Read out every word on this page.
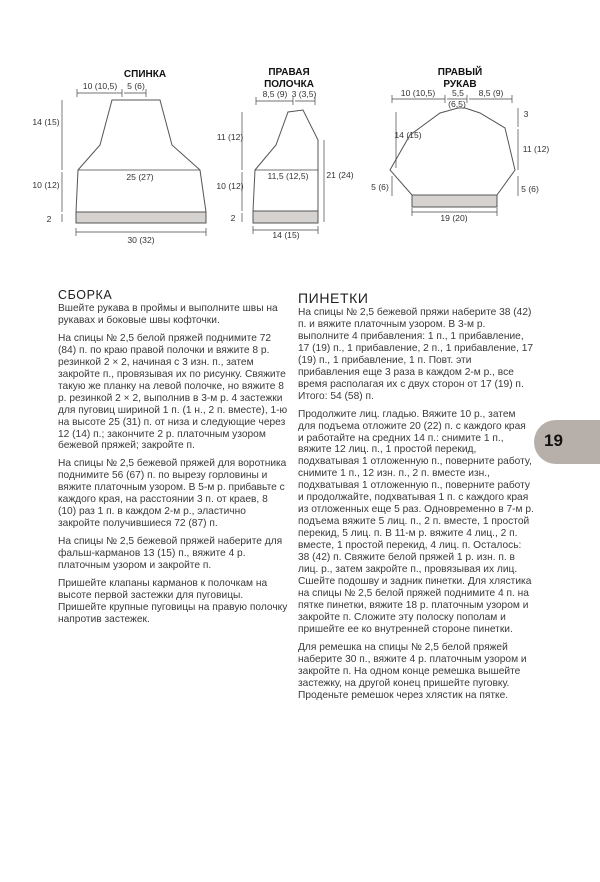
СПИНКА
10 (10,5) 5 (6)
14 (15)
10 (12)
2
25 (27)
30 (32)
ПРАВАЯ
ПОЛОЧКА
8,5 (9) 3 (3,5)
11 (12)
10 (12)
2
21 (24)
11,5 (12,5)
14 (15)
ПРАВЫЙ
РУКАВ
10 (10,5) 5,5 8,5 (9)
(6,5)
14 (15)
5 (6)
3
11 (12)
5 (6)
19 (20)
СБОРКА

Вшейте рукава в проймы и выполните швы на рукавах и боковые швы кофточки.

На спицы № 2,5 белой пряжей поднимите 72 (84) п. по краю правой полочки и вяжите 8 р. резинкой 2 × 2, начиная с 3 изн. п., затем закройте п., провязывая их по рисунку. Свяжите такую же планку на левой полочке, но вяжите 8 р. резинкой 2 × 2, выполнив в 3-м р. 4 застежки для пуговиц шириной 1 п. (1 н., 2 п. вместе), 1-ю на высоте 25 (31) п. от низа и следующие через 12 (14) п.; закончите 2 р. платочным узором бежевой пряжей; закройте п.

На спицы № 2,5 бежевой пряжей для воротника поднимите 56 (67) п. по вырезу горловины и вяжите платочным узором. В 5-м р. прибавьте с каждого края, на расстоянии 3 п. от краев, 8 (10) раз 1 п. в каждом 2-м р., эластично закройте получившиеся 72 (87) п.

На спицы № 2,5 бежевой пряжей наберите для фальш-карманов 13 (15) п., вяжите 4 р. платочным узором и закройте п.

Пришейте клапаны карманов к полочкам на высоте первой застежки для пуговицы. Пришейте крупные пуговицы на правую полочку напротив застежек.

ПИНЕТКИ

На спицы № 2,5 бежевой пряжи наберите 38 (42) п. и вяжите платочным узором. В 3-м р. выполните 4 прибавления: 1 п., 1 прибавление, 17 (19) п., 1 прибавление, 2 п., 1 прибавление, 17 (19) п., 1 прибавление, 1 п. Повт. эти прибавления еще 3 раза в каждом 2-м р., все время располагая их с двух сторон от 17 (19) п. Итого: 54 (58) п.

Продолжите лиц. гладью. Вяжите 10 р., затем для подъема отложите 20 (22) п. с каждого края и работайте на средних 14 п.: снимите 1 п., вяжите 12 лиц. п., 1 простой перекид, подхватывая 1 отложенную п., поверните работу, снимите 1 п., 12 изн. п., 2 п. вместе изн., подхватывая 1 отложенную п., поверните работу и продолжайте, подхватывая 1 п. с каждого края из отложенных еще 5 раз. Одновременно в 7-м р. подъема вяжите 5 лиц. п., 2 п. вместе, 1 простой перекид, 5 лиц. п. В 11-м р. вяжите 4 лиц., 2 п. вместе, 1 простой перекид, 4 лиц. п. Осталось: 38 (42) п. Свяжите белой пряжей 1 р. изн. п. в лиц. р., затем закройте п., провязывая их лиц. Сшейте подошву и задник пинетки. Для хлястика на спицы № 2,5 белой пряжей поднимите 4 п. на пятке пинетки, вяжите 18 р. платочным узором и закройте п. Сложите эту полоску пополам и пришейте ее ко внутренней стороне пинетки.

Для ремешка на спицы № 2,5 белой пряжей наберите 30 п., вяжите 4 р. платочным узором и закройте п. На одном конце ремешка вышейте застежку, на другой конец пришейте пуговку. Проденьте ремешок через хлястик на пятке.

19
